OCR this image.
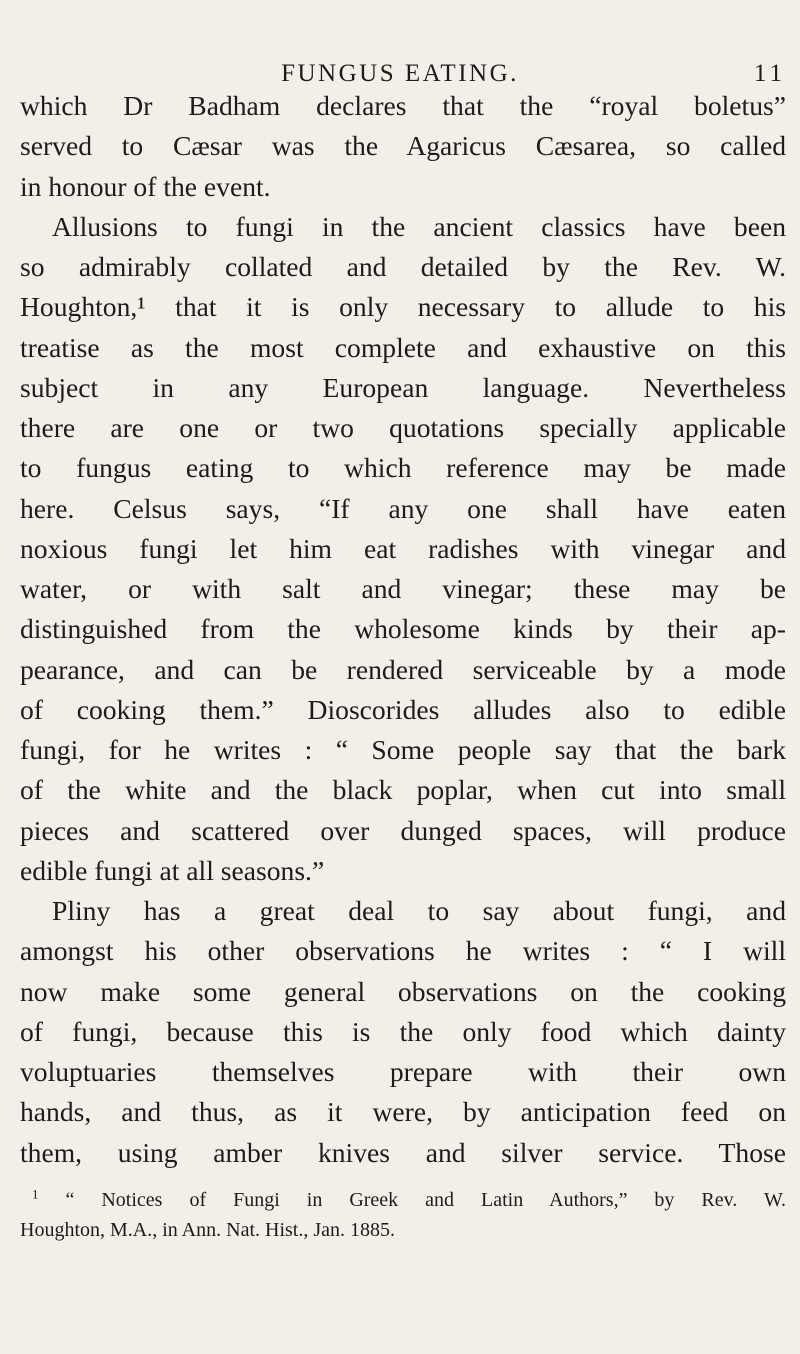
FUNGUS EATING.	11
which Dr Badham declares that the “royal boletus”
served to Cæsar was the Agaricus Cæsarea, so called
in honour of the event.
Allusions to fungi in the ancient classics have been
so admirably collated and detailed by the Rev. W.
Houghton,¹ that it is only necessary to allude to his
treatise as the most complete and exhaustive on this
subject in any European language. Nevertheless
there are one or two quotations specially applicable
to fungus eating to which reference may be made
here. Celsus says, “If any one shall have eaten
noxious fungi let him eat radishes with vinegar and
water, or with salt and vinegar; these may be
distinguished from the wholesome kinds by their ap-
pearance, and can be rendered serviceable by a mode
of cooking them.” Dioscorides alludes also to edible
fungi, for he writes : “ Some people say that the bark
of the white and the black poplar, when cut into small
pieces and scattered over dunged spaces, will produce
edible fungi at all seasons.”
Pliny has a great deal to say about fungi, and
amongst his other observations he writes : “ I will
now make some general observations on the cooking
of fungi, because this is the only food which dainty
voluptuaries themselves prepare with their own
hands, and thus, as it were, by anticipation feed on
them, using amber knives and silver service. Those
$^1$ “ Notices of Fungi in Greek and Latin Authors,” by Rev. W.
Houghton, M.A., in Ann. Nat. Hist., Jan. 1885.
